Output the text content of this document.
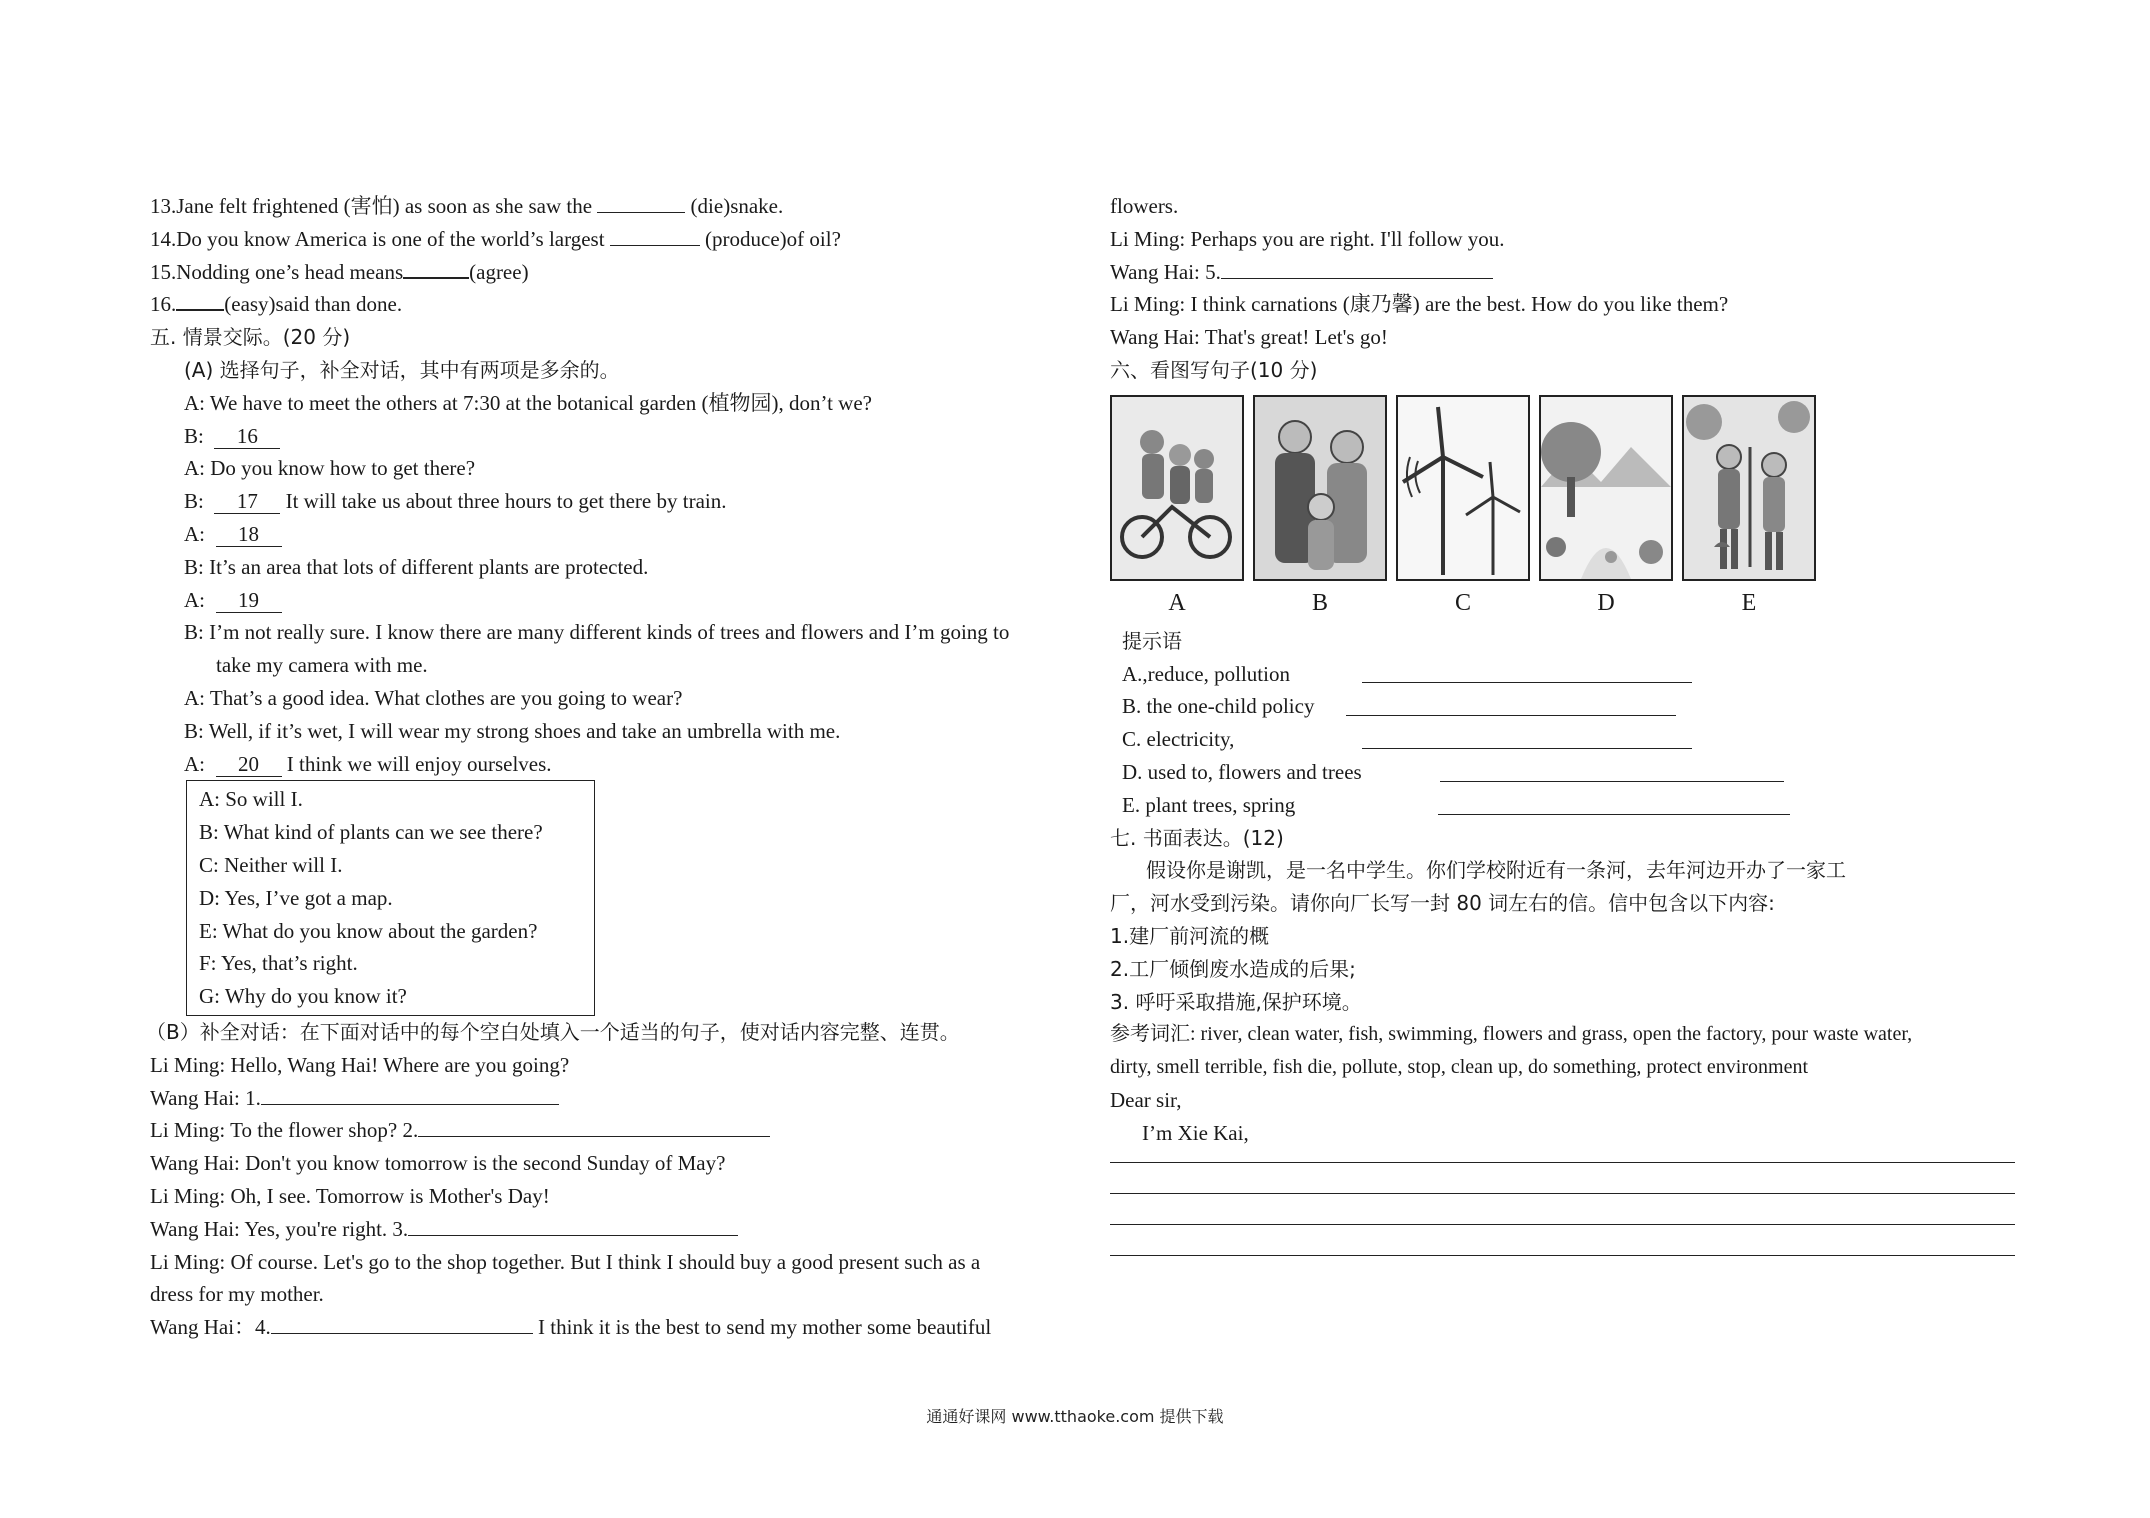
13.Jane felt frightened (害怕) as soon as she saw the	(die)snake.
14.Do you know America is one of the world’s largest	(produce)of oil?
15.Nodding one’s head means	(agree)
16. (easy)said than done.
五. 情景交际。(20 分)
(A) 选择句子，补全对话，其中有两项是多余的。
A: We have to meet the others at 7:30 at the botanical garden (植物园), don’t we?
B: 16
A: Do you know how to get there?
B: 17 It will take us about three hours to get there by train.
A: 18
B: It’s an area that lots of different plants are protected.
A: 19
B: I’m not really sure. I know there are many different kinds of trees and flowers and I’m going to
take my camera with me.
A: That’s a good idea. What clothes are you going to wear?
B: Well, if it’s wet, I will wear my strong shoes and take an umbrella with me.
A: 20 I think we will enjoy ourselves.
A: So will I.
B: What kind of plants can we see there?
C: Neither will I.
D: Yes, I’ve got a map.
E: What do you know about the garden?
F: Yes, that’s right.
G: Why do you know it?
（B）补全对话：在下面对话中的每个空白处填入一个适当的句子，使对话内容完整、连贯。
Li Ming: Hello, Wang Hai! Where are you going?
Wang Hai: 1.
Li Ming: To the flower shop? 2.
Wang Hai: Don't you know tomorrow is the second Sunday of May?
Li Ming: Oh, I see. Tomorrow is Mother's Day!
Wang Hai: Yes, you're right. 3.
Li Ming: Of course. Let's go to the shop together. But I think I should buy a good present such as a
dress for my mother.
Wang Hai：4.	I think it is the best to send my mother some beautiful
flowers.
Li Ming: Perhaps you are right. I'll follow you.
Wang Hai: 5.
Li Ming: I think carnations (康乃馨) are the best. How do you like them?
Wang Hai: That's great! Let's go!
六、看图写句子(10 分)
A	B	C	D	E
提示语
A.,reduce, pollution
B. the one-child policy
C. electricity,
D. used to, flowers and trees
E. plant trees, spring
七. 书面表达。(12)
假设你是谢凯，是一名中学生。你们学校附近有一条河，去年河边开办了一家工
厂，河水受到污染。请你向厂长写一封 80 词左右的信。信中包含以下内容:
1.建厂前河流的概
2.工厂倾倒废水造成的后果;
3. 呼吁采取措施,保护环境。
参考词汇: river, clean water, fish, swimming, flowers and grass, open the factory, pour waste water,
dirty, smell terrible, fish die, pollute, stop, clean up, do something, protect environment
Dear sir,
I’m Xie Kai,
通通好课网 www.tthaoke.com 提供下载
